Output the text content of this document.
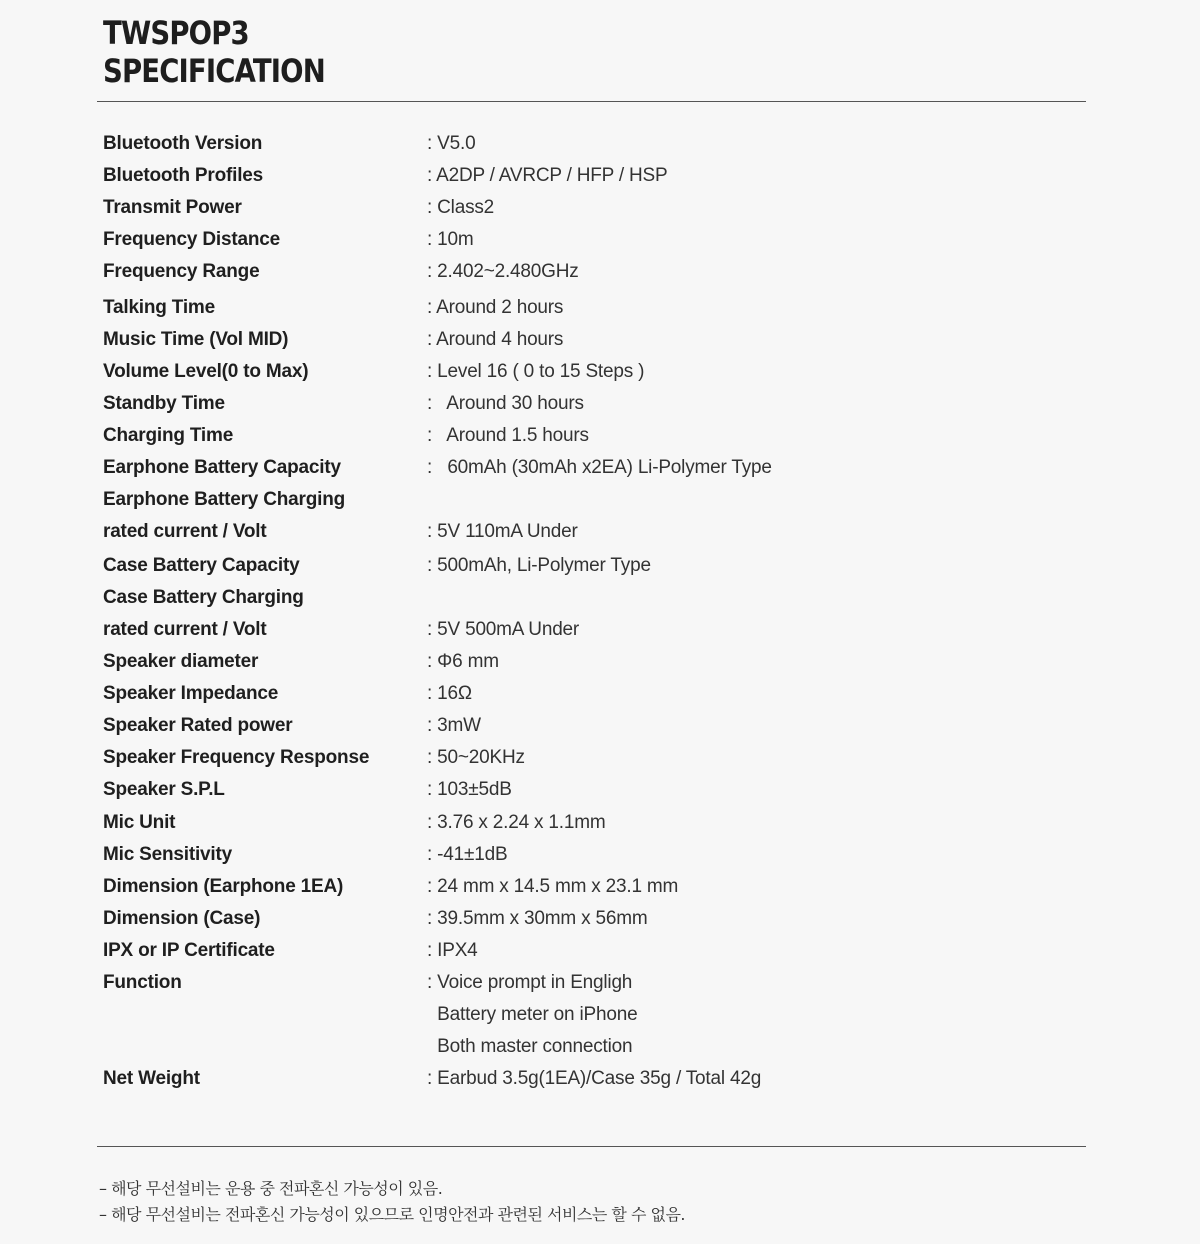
TWSPOP3
SPECIFICATION
Bluetooth Version	: V5.0
Bluetooth Profiles	: A2DP / AVRCP / HFP / HSP
Transmit Power	: Class2
Frequency Distance	: 10m
Frequency Range	: 2.402~2.480GHz
Talking Time	: Around 2 hours
Music Time (Vol MID)	: Around 4 hours
Volume Level(0 to Max)	: Level 16 ( 0 to 15 Steps )
Standby Time	:   Around 30 hours
Charging Time	:   Around 1.5 hours
Earphone Battery Capacity	:   60mAh (30mAh x2EA) Li-Polymer Type
Earphone Battery Charging
rated current / Volt	: 5V 110mA Under
Case Battery Capacity	: 500mAh, Li-Polymer Type
Case Battery Charging
rated current / Volt	: 5V 500mA Under
Speaker diameter	: Φ6 mm
Speaker Impedance	: 16Ω
Speaker Rated power	: 3mW
Speaker Frequency Response	: 50~20KHz
Speaker S.P.L	: 103±5dB
Mic Unit	: 3.76 x 2.24 x 1.1mm
Mic Sensitivity	: -41±1dB
Dimension (Earphone 1EA)	: 24 mm x 14.5 mm x 23.1 mm
Dimension (Case)	: 39.5mm x 30mm x 56mm
IPX or IP Certificate	: IPX4
Function	: Voice prompt in Engligh
Battery meter on iPhone
Both master connection
Net Weight	: Earbud 3.5g(1EA)/Case 35g / Total 42g
– 해당 무선설비는 운용 중 전파혼신 가능성이 있음.
– 해당 무선설비는 전파혼신 가능성이 있으므로 인명안전과 관련된 서비스는 할 수 없음.
